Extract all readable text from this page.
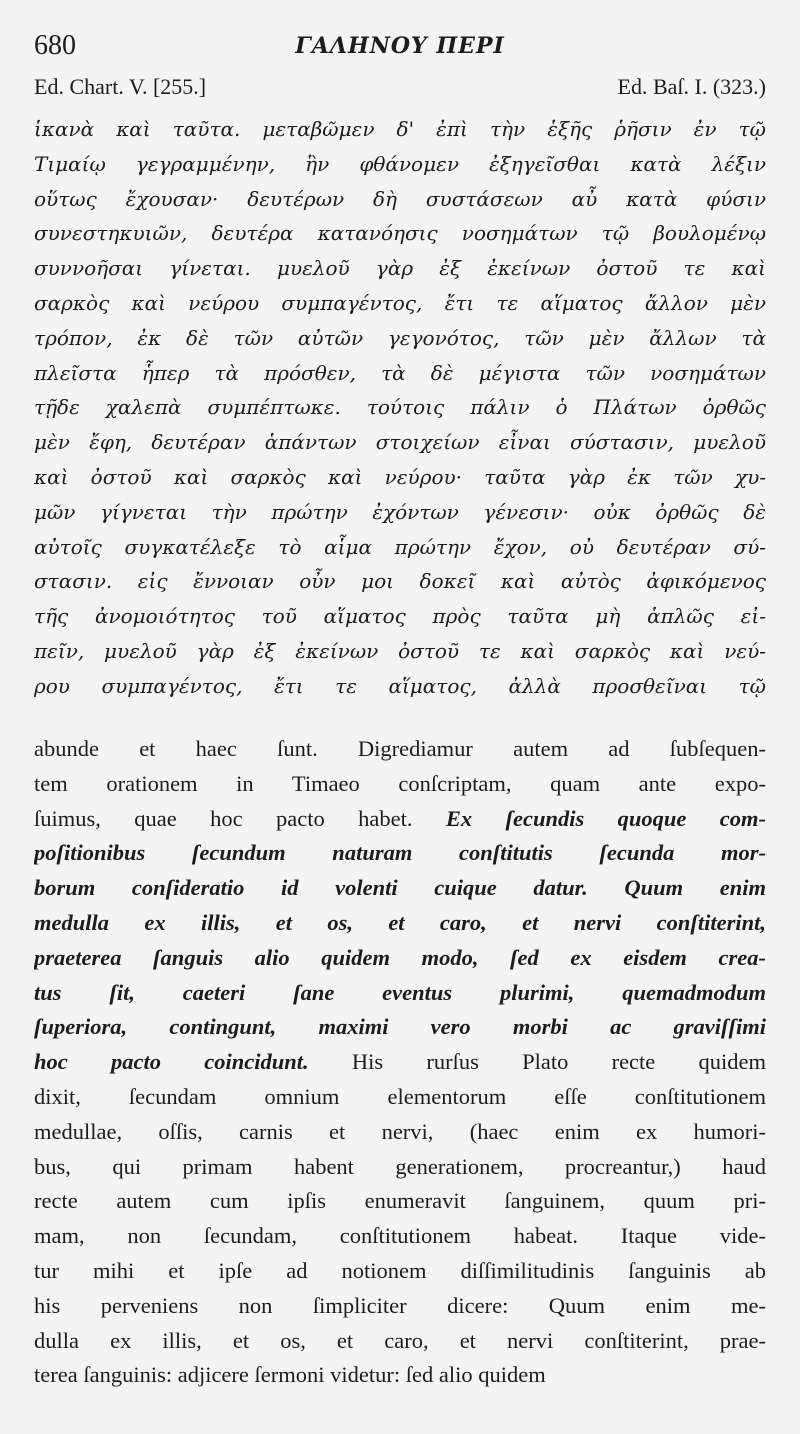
680	ΓΑΛΗΝΟΥ ΠΕΡΙ
Ed. Chart. V. [255.]	Ed. Baſ. I. (323.)
ἱκανὰ καὶ ταῦτα. μεταβῶμεν δ' ἐπὶ τὴν ἑξῆς ῥῆσιν ἐν τῷ
Τιμαίῳ γεγραμμένην, ἣν φθάνομεν ἐξηγεῖσθαι κατὰ λέξιν
οὕτως ἔχουσαν· δευτέρων δὴ συστάσεων αὖ κατὰ φύσιν
συνεστηκυιῶν, δευτέρα κατανόησις νοσημάτων τῷ βουλομένῳ
συννοῆσαι γίνεται. μυελοῦ γὰρ ἐξ ἐκείνων ὀστοῦ τε καὶ
σαρκὸς καὶ νεύρου συμπαγέντος, ἔτι τε αἵματος ἄλλον μὲν
τρόπον, ἐκ δὲ τῶν αὐτῶν γεγονότος, τῶν μὲν ἄλλων τὰ
πλεῖστα ἧπερ τὰ πρόσθεν, τὰ δὲ μέγιστα τῶν νοσημάτων
τῇδε χαλεπὰ συμπέπτωκε. τούτοις πάλιν ὁ Πλάτων ὀρθῶς
μὲν ἔφη, δευτέραν ἁπάντων στοιχείων εἶναι σύστασιν, μυελοῦ
καὶ ὀστοῦ καὶ σαρκὸς καὶ νεύρου· ταῦτα γὰρ ἐκ τῶν χυ-
μῶν γίγνεται τὴν πρώτην ἐχόντων γένεσιν· οὐκ ὀρθῶς δὲ
αὐτοῖς συγκατέλεξε τὸ αἷμα πρώτην ἔχον, οὐ δευτέραν σύ-
στασιν. εἰς ἔννοιαν οὖν μοι δοκεῖ καὶ αὐτὸς ἀφικόμενος
τῆς ἀνομοιότητος τοῦ αἵματος πρὸς ταῦτα μὴ ἁπλῶς εἰ-
πεῖν, μυελοῦ γὰρ ἐξ ἐκείνων ὀστοῦ τε καὶ σαρκὸς καὶ νεύ-
ρου συμπαγέντος, ἔτι τε αἵματος, ἀλλὰ προσθεῖναι τῷ
abunde et haec ſunt. Digrediamur autem ad ſubſequen-
tem orationem in Timaeo conſcriptam, quam ante expo-
ſuimus, quae hoc pacto habet. Ex ſecundis quoque com-
poſitionibus ſecundum naturam conſtitutis ſecunda mor-
borum conſideratio id volenti cuique datur. Quum enim
medulla ex illis, et os, et caro, et nervi conſtiterint,
praeterea ſanguis alio quidem modo, ſed ex eisdem crea-
tus ſit, caeteri ſane eventus plurimi, quemadmodum
ſuperiora, contingunt, maximi vero morbi ac graviſſimi
hoc pacto coincidunt. His rurſus Plato recte quidem
dixit, ſecundam omnium elementorum eſſe conſtitutionem
medullae, oſſis, carnis et nervi, (haec enim ex humori-
bus, qui primam habent generationem, procreantur,) haud
recte autem cum ipſis enumeravit ſanguinem, quum pri-
mam, non ſecundam, conſtitutionem habeat. Itaque vide-
tur mihi et ipſe ad notionem diſſimilitudinis ſanguinis ab
his perveniens non ſimpliciter dicere: Quum enim me-
dulla ex illis, et os, et caro, et nervi conſtiterint, prae-
terea ſanguinis: adjicere ſermoni videtur: ſed alio quidem
